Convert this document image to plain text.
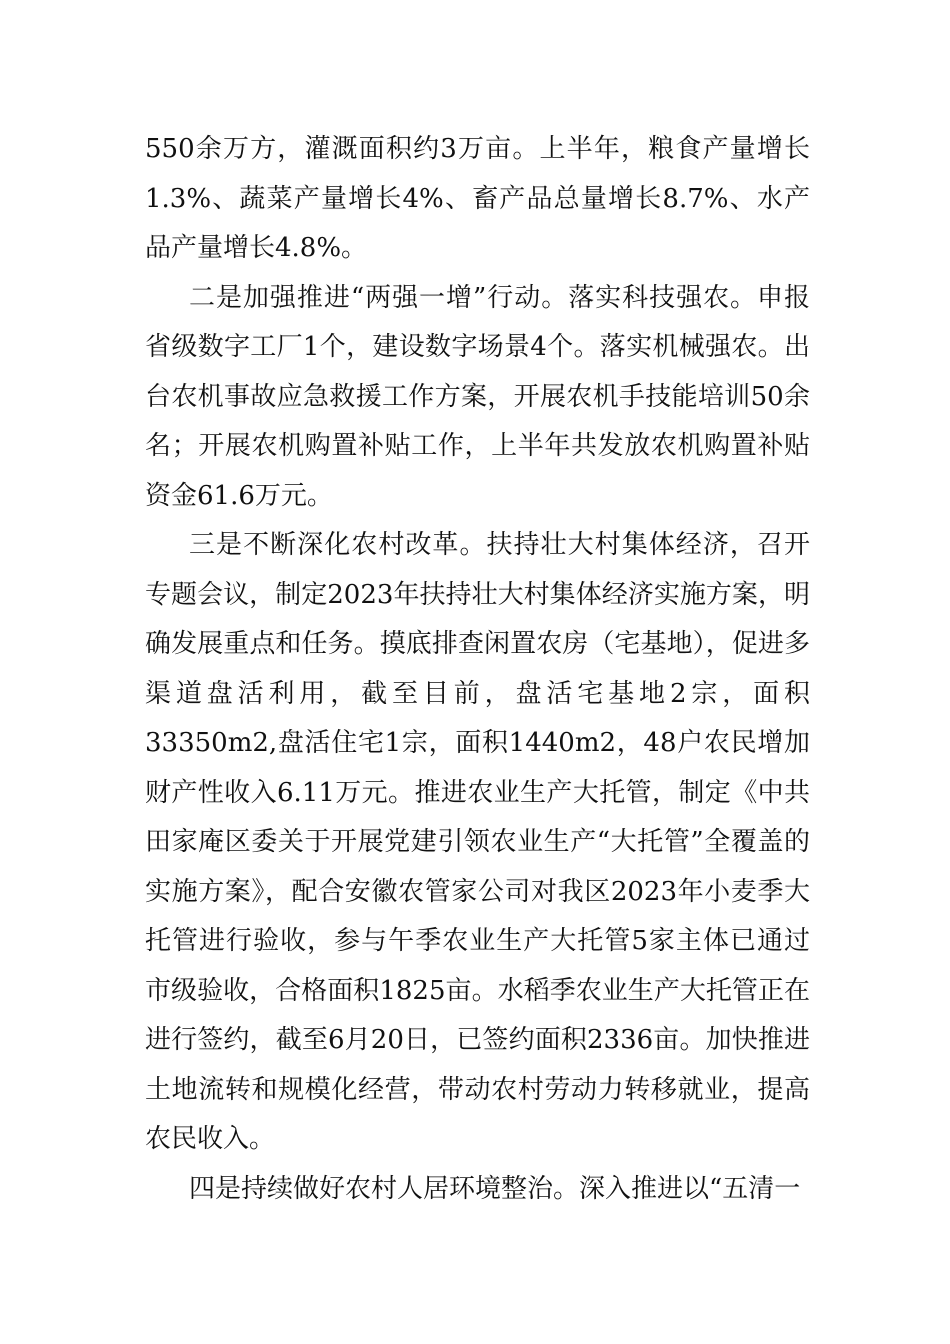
550余万方，灌溉面积约3万亩。上半年，粮食产量增长1.3%、蔬菜产量增长4%、畜产品总量增长8.7%、水产品产量增长4.8%。

二是加强推进“两强一增”行动。落实科技强农。申报省级数字工厂1个，建设数字场景4个。落实机械强农。出台农机事故应急救援工作方案，开展农机手技能培训50余名；开展农机购置补贴工作，上半年共发放农机购置补贴资金61.6万元。

三是不断深化农村改革。扶持壮大村集体经济，召开专题会议，制定2023年扶持壮大村集体经济实施方案，明确发展重点和任务。摸底排查闲置农房（宅基地），促进多渠道盘活利用，截至目前，盘活宅基地2宗，面积33350m2,盘活住宅1宗，面积1440m2，48户农民增加财产性收入6.11万元。推进农业生产大托管，制定《中共田家庵区委关于开展党建引领农业生产“大托管”全覆盖的实施方案》，配合安徽农管家公司对我区2023年小麦季大托管进行验收，参与午季农业生产大托管5家主体已通过市级验收，合格面积1825亩。水稻季农业生产大托管正在进行签约，截至6月20日，已签约面积2336亩。加快推进土地流转和规模化经营，带动农村劳动力转移就业，提高农民收入。

四是持续做好农村人居环境整治。深入推进以“五清一
